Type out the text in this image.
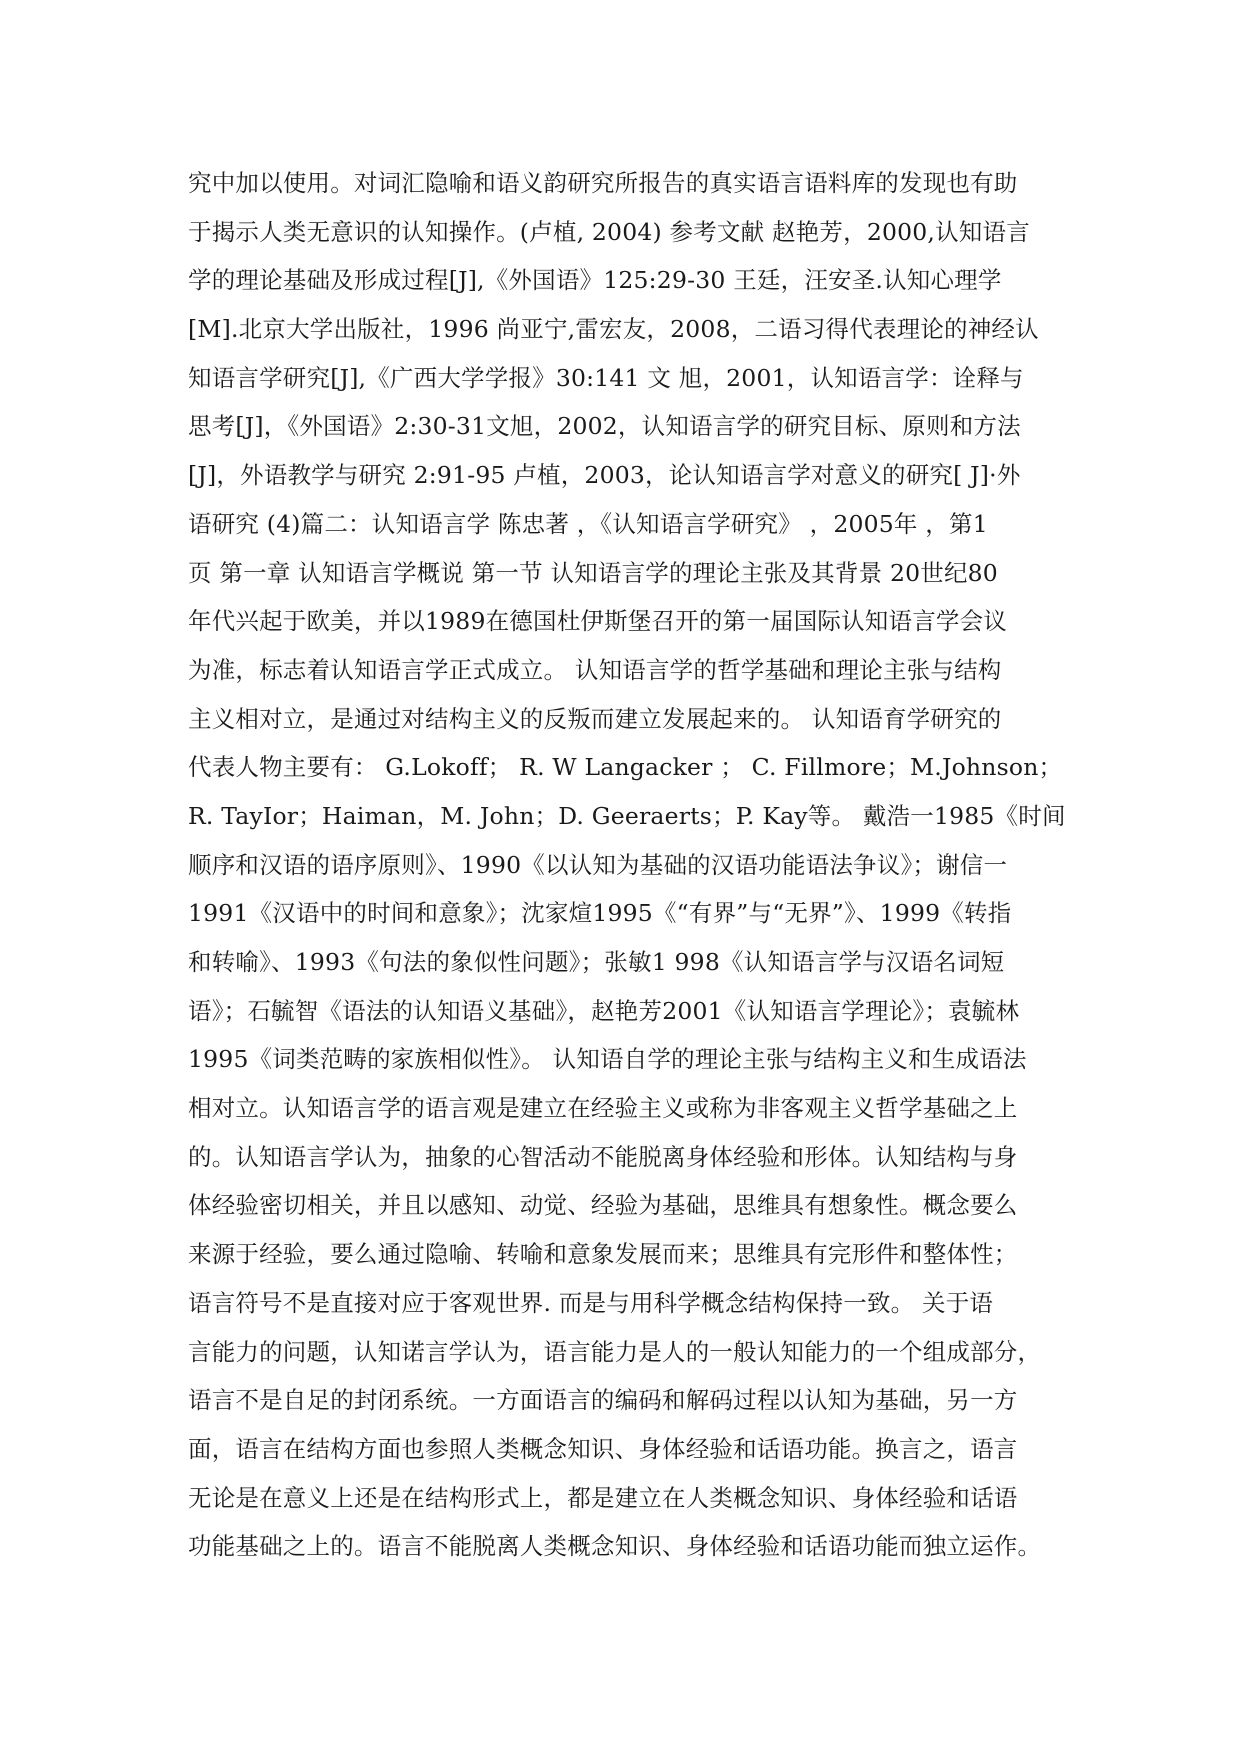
究中加以使用。对词汇隐喻和语义韵研究所报告的真实语言语料库的发现也有助
于揭示人类无意识的认知操作。(卢植, 2004) 参考文献 赵艳芳，2000,认知语言
学的理论基础及形成过程[J],《外国语》125:29-30 王廷，汪安圣.认知心理学
[M].北京大学出版社，1996 尚亚宁,雷宏友，2008，二语习得代表理论的神经认
知语言学研究[J],《广西大学学报》30:141 文 旭，2001，认知语言学：诠释与
思考[J]，《外国语》2:30-31文旭，2002，认知语言学的研究目标、原则和方法
[J]，外语教学与研究 2:91-95 卢植，2003，论认知语言学对意义的研究[ J]·外
语研究 (4)篇二：认知语言学 陈忠著 ，《认知语言学研究》 ，2005年 ，第1
页 第一章 认知语言学概说 第一节 认知语言学的理论主张及其背景 20世纪80
年代兴起于欧美，并以1989在德国杜伊斯堡召开的第一届国际认知语言学会议
为准，标志着认知语言学正式成立。 认知语言学的哲学基础和理论主张与结构
主义相对立，是通过对结构主义的反叛而建立发展起来的。 认知语育学研究的
代表人物主要有： G.Lokoff； R. W Langacker ； C. Fillmore；M.Johnson；
R. TayIor；Haiman，M. John；D. Geeraerts；P. Kay等。 戴浩一1985《时间
顺序和汉语的语序原则》、1990《以认知为基础的汉语功能语法争议》；谢信一
1991《汉语中的时间和意象》；沈家煊1995《“有界”与“无界”》、1999《转指
和转喻》、1993《句法的象似性问题》；张敏1 998《认知语言学与汉语名词短
语》；石毓智《语法的认知语义基础》，赵艳芳2001《认知语言学理论》；袁毓林
1995《词类范畴的家族相似性》。 认知语自学的理论主张与结构主义和生成语法
相对立。认知语言学的语言观是建立在经验主义或称为非客观主义哲学基础之上
的。认知语言学认为，抽象的心智活动不能脱离身体经验和形体。认知结构与身
体经验密切相关，并且以感知、动觉、经验为基础，思维具有想象性。概念要么
来源于经验，要么通过隐喻、转喻和意象发展而来；思维具有完形件和整体性；
语言符号不是直接对应于客观世界. 而是与用科学概念结构保持一致。 关于语
言能力的问题，认知诺言学认为，语言能力是人的一般认知能力的一个组成部分，
语言不是自足的封闭系统。一方面语言的编码和解码过程以认知为基础，另一方
面，语言在结构方面也参照人类概念知识、身体经验和话语功能。换言之，语言
无论是在意义上还是在结构形式上，都是建立在人类概念知识、身体经验和话语
功能基础之上的。语言不能脱离人类概念知识、身体经验和话语功能而独立运作。
